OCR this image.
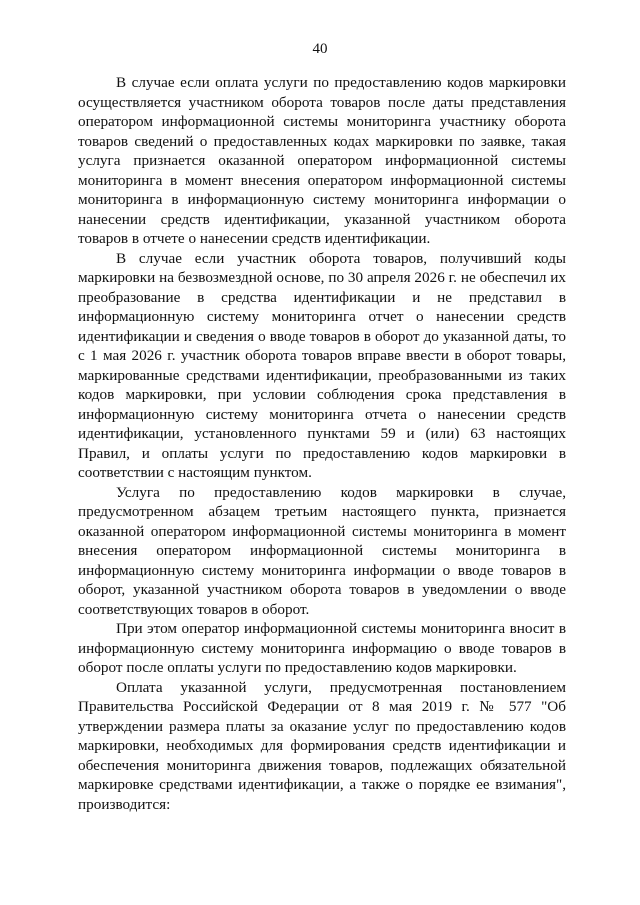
40

В случае если оплата услуги по предоставлению кодов маркировки осуществляется участником оборота товаров после даты представления оператором информационной системы мониторинга участнику оборота товаров сведений о предоставленных кодах маркировки по заявке, такая услуга признается оказанной оператором информационной системы мониторинга в момент внесения оператором информационной системы мониторинга в информационную систему мониторинга информации о нанесении средств идентификации, указанной участником оборота товаров в отчете о нанесении средств идентификации.

В случае если участник оборота товаров, получивший коды маркировки на безвозмездной основе, по 30 апреля 2026 г. не обеспечил их преобразование в средства идентификации и не представил в информационную систему мониторинга отчет о нанесении средств идентификации и сведения о вводе товаров в оборот до указанной даты, то с 1 мая 2026 г. участник оборота товаров вправе ввести в оборот товары, маркированные средствами идентификации, преобразованными из таких кодов маркировки, при условии соблюдения срока представления в информационную систему мониторинга отчета о нанесении средств идентификации, установленного пунктами 59 и (или) 63 настоящих Правил, и оплаты услуги по предоставлению кодов маркировки в соответствии с настоящим пунктом.

Услуга по предоставлению кодов маркировки в случае, предусмотренном абзацем третьим настоящего пункта, признается оказанной оператором информационной системы мониторинга в момент внесения оператором информационной системы мониторинга в информационную систему мониторинга информации о вводе товаров в оборот, указанной участником оборота товаров в уведомлении о вводе соответствующих товаров в оборот.

При этом оператор информационной системы мониторинга вносит в информационную систему мониторинга информацию о вводе товаров в оборот после оплаты услуги по предоставлению кодов маркировки.

Оплата указанной услуги, предусмотренная постановлением Правительства Российской Федерации от 8 мая 2019 г. № 577 "Об утверждении размера платы за оказание услуг по предоставлению кодов маркировки, необходимых для формирования средств идентификации и обеспечения мониторинга движения товаров, подлежащих обязательной маркировке средствами идентификации, а также о порядке ее взимания", производится:
